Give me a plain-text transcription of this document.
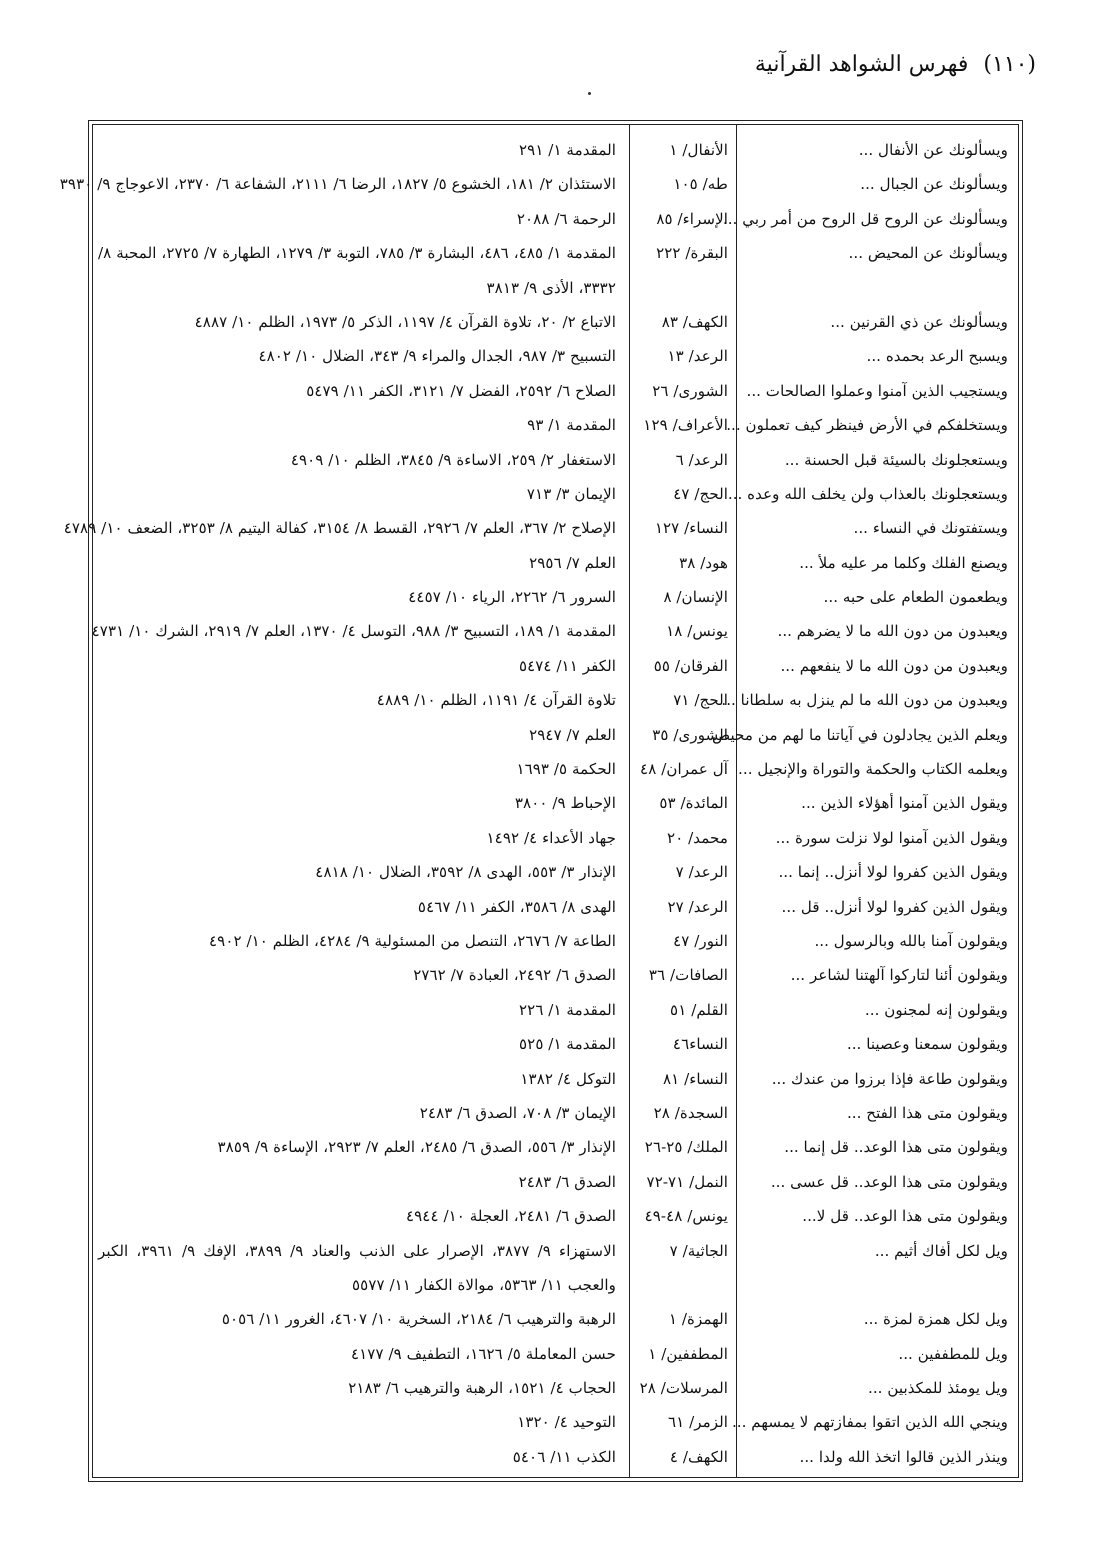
(١١٠) فهرس الشواهد القرآنية
ويسألونك عن الأنفال ...
الأنفال/ ١
المقدمة ١/ ٢٩١
ويسألونك عن الجبال ...
طه/ ١٠٥
الاستئذان ٢/ ١٨١، الخشوع ٥/ ١٨٢٧، الرضا ٦/ ٢١١١، الشفاعة ٦/ ٢٣٧٠، الاعوجاج ٩/ ٣٩٣٠
ويسألونك عن الروح قل الروح من أمر ربي ...
الإسراء/ ٨٥
الرحمة ٦/ ٢٠٨٨
ويسألونك عن المحيض ...
البقرة/ ٢٢٢
المقدمة ١/ ٤٨٥، ٤٨٦، البشارة ٣/ ٧٨٥، التوبة ٣/ ١٢٧٩، الطهارة ٧/ ٢٧٢٥، المحبة ٨/ ٣٣٣٢، الأذى ٩/ ٣٨١٣
ويسألونك عن ذي القرنين ...
الكهف/ ٨٣
الاتباع ٢/ ٢٠، تلاوة القرآن ٤/ ١١٩٧، الذكر ٥/ ١٩٧٣، الظلم ١٠/ ٤٨٨٧
ويسبح الرعد بحمده ...
الرعد/ ١٣
التسبيح ٣/ ٩٨٧، الجدال والمراء ٩/ ٣٤٣، الضلال ١٠/ ٤٨٠٢
ويستجيب الذين آمنوا وعملوا الصالحات ...
الشورى/ ٢٦
الصلاح ٦/ ٢٥٩٢، الفضل ٧/ ٣١٢١، الكفر ١١/ ٥٤٧٩
ويستخلفكم في الأرض فينظر كيف تعملون ...
الأعراف/ ١٢٩
المقدمة ١/ ٩٣
ويستعجلونك بالسيئة قبل الحسنة ...
الرعد/ ٦
الاستغفار ٢/ ٢٥٩، الاساءة ٩/ ٣٨٤٥، الظلم ١٠/ ٤٩٠٩
ويستعجلونك بالعذاب ولن يخلف الله وعده ...
الحج/ ٤٧
الإيمان ٣/ ٧١٣
ويستفتونك في النساء ...
النساء/ ١٢٧
الإصلاح ٢/ ٣٦٧، العلم ٧/ ٢٩٢٦، القسط ٨/ ٣١٥٤، كفالة اليتيم ٨/ ٣٢٥٣، الضعف ١٠/ ٤٧٨٩
ويصنع الفلك وكلما مر عليه ملأ ...
هود/ ٣٨
العلم ٧/ ٢٩٥٦
ويطعمون الطعام على حبه ...
الإنسان/ ٨
السرور ٦/ ٢٢٦٢، الرياء ١٠/ ٤٤٥٧
ويعبدون من دون الله ما لا يضرهم ...
يونس/ ١٨
المقدمة ١/ ١٨٩، التسبيح ٣/ ٩٨٨، التوسل ٤/ ١٣٧٠، العلم ٧/ ٢٩١٩، الشرك ١٠/ ٤٧٣١
ويعبدون من دون الله ما لا ينفعهم ...
الفرقان/ ٥٥
الكفر ١١/ ٥٤٧٤
ويعبدون من دون الله ما لم ينزل به سلطانا ...
الحج/ ٧١
تلاوة القرآن ٤/ ١١٩١، الظلم ١٠/ ٤٨٨٩
ويعلم الذين يجادلون في آياتنا ما لهم من محيص
الشورى/ ٣٥
العلم ٧/ ٢٩٤٧
ويعلمه الكتاب والحكمة والتوراة والإنجيل ...
آل عمران/ ٤٨
الحكمة ٥/ ١٦٩٣
ويقول الذين آمنوا أهؤلاء الذين ...
المائدة/ ٥٣
الإحباط ٩/ ٣٨٠٠
ويقول الذين آمنوا لولا نزلت سورة ...
محمد/ ٢٠
جهاد الأعداء ٤/ ١٤٩٢
ويقول الذين كفروا لولا أنزل.. إنما ...
الرعد/ ٧
الإنذار ٣/ ٥٥٣، الهدى ٨/ ٣٥٩٢، الضلال ١٠/ ٤٨١٨
ويقول الذين كفروا لولا أنزل.. قل ...
الرعد/ ٢٧
الهدى ٨/ ٣٥٨٦، الكفر ١١/ ٥٤٦٧
ويقولون آمنا بالله وبالرسول ...
النور/ ٤٧
الطاعة ٧/ ٢٦٧٦، التنصل من المسئولية ٩/ ٤٢٨٤، الظلم ١٠/ ٤٩٠٢
ويقولون أئنا لتاركوا آلهتنا لشاعر ...
الصافات/ ٣٦
الصدق ٦/ ٢٤٩٢، العبادة ٧/ ٢٧٦٢
ويقولون إنه لمجنون ...
القلم/ ٥١
المقدمة ١/ ٢٢٦
ويقولون سمعنا وعصينا ...
النساء٤٦
المقدمة ١/ ٥٢٥
ويقولون طاعة فإذا برزوا من عندك ...
النساء/ ٨١
التوكل ٤/ ١٣٨٢
ويقولون متى هذا الفتح ...
السجدة/ ٢٨
الإيمان ٣/ ٧٠٨، الصدق ٦/ ٢٤٨٣
ويقولون متى هذا الوعد.. قل إنما ...
الملك/ ٢٥-٢٦
الإنذار ٣/ ٥٥٦، الصدق ٦/ ٢٤٨٥، العلم ٧/ ٢٩٢٣، الإساءة ٩/ ٣٨٥٩
ويقولون متى هذا الوعد.. قل عسى ...
النمل/ ٧١-٧٢
الصدق ٦/ ٢٤٨٣
ويقولون متى هذا الوعد.. قل لا...
يونس/ ٤٨-٤٩
الصدق ٦/ ٢٤٨١، العجلة ١٠/ ٤٩٤٤
ويل لكل أفاك أثيم ...
الجاثية/ ٧
الاستهزاء ٩/ ٣٨٧٧، الإصرار على الذنب والعناد ٩/ ٣٨٩٩، الإفك ٩/ ٣٩٦١، الكبر والعجب ١١/ ٥٣٦٣، موالاة الكفار ١١/ ٥٥٧٧
ويل لكل همزة لمزة ...
الهمزة/ ١
الرهبة والترهيب ٦/ ٢١٨٤، السخرية ١٠/ ٤٦٠٧، الغرور ١١/ ٥٠٥٦
ويل للمطففين ...
المطففين/ ١
حسن المعاملة ٥/ ١٦٢٦، التطفيف ٩/ ٤١٧٧
ويل يومئذ للمكذبين ...
المرسلات/ ٢٨
الحجاب ٤/ ١٥٢١، الرهبة والترهيب ٦/ ٢١٨٣
وينجي الله الذين اتقوا بمفازتهم لا يمسهم ...
الزمر/ ٦١
التوحيد ٤/ ١٣٢٠
وينذر الذين قالوا اتخذ الله ولدا ...
الكهف/ ٤
الكذب ١١/ ٥٤٠٦
